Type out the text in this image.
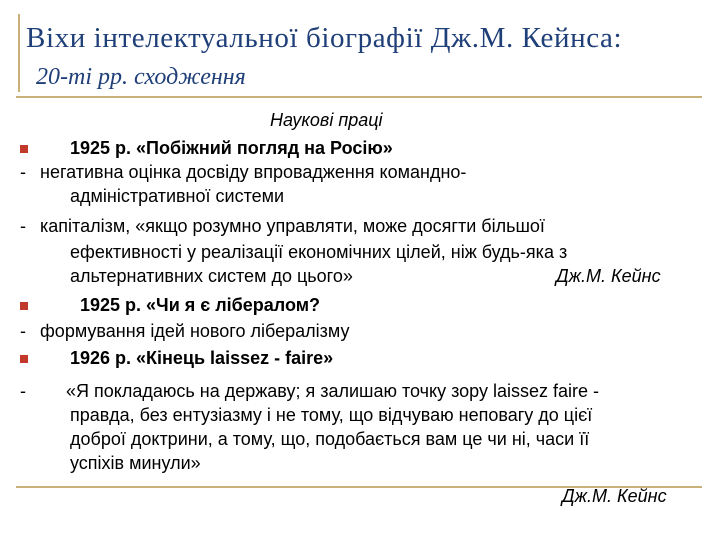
Віхи інтелектуальної біографії Дж.М. Кейнса:
20-ті рр. сходження
Наукові праці
1925 р. «Побіжний погляд на Росію»
- негативна оцінка досвіду впровадження командно-
адміністративної системи
- капіталізм, «якщо розумно управляти, може досягти більшої
ефективності у реалізації економічних цілей, ніж будь-яка з
альтернативних систем до цього»	Дж.М. Кейнс
1925 р. «Чи я є лібералом?
- формування ідей нового лібералізму
1926 р. «Кінець laissez - faire»
- «Я покладаюсь на державу; я залишаю точку зору laissez faire -
правда, без ентузіазму і не тому, що відчуваю неповагу до цієї
доброї доктрини, а тому, що, подобається вам це чи ні, часи її
успіхів минули»
Дж.М. Кейнс
